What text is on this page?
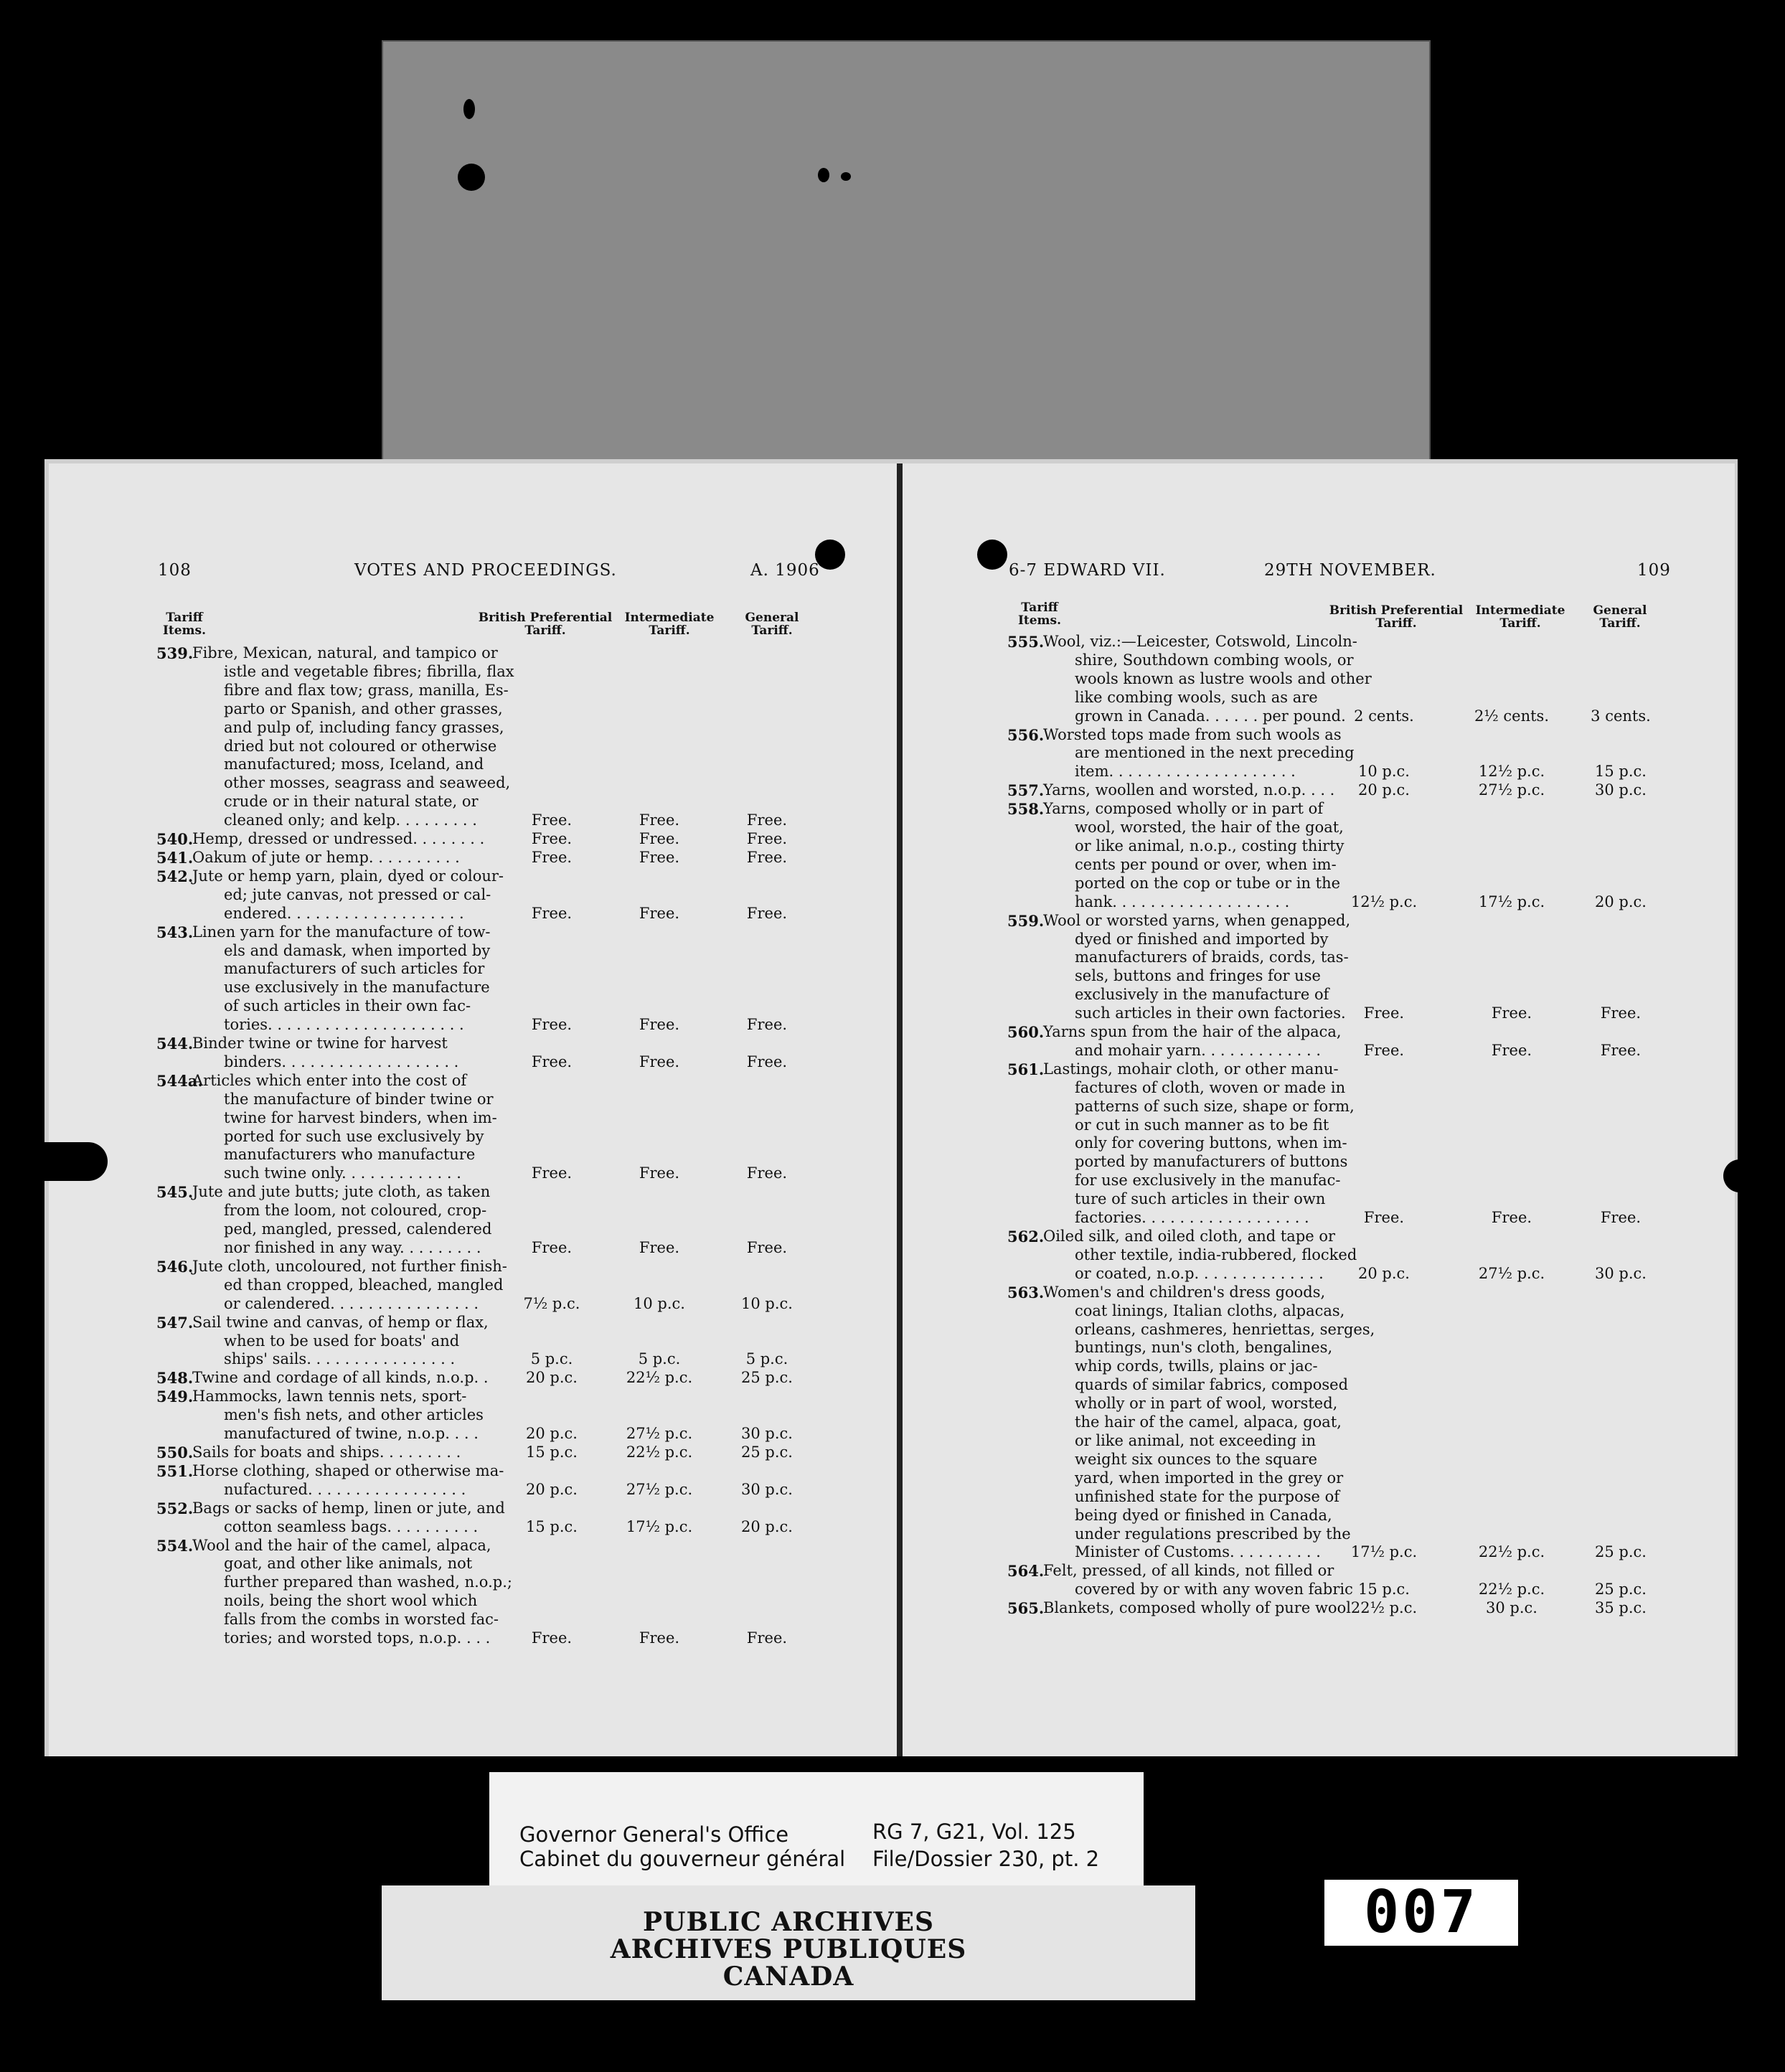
108	VOTES AND PROCEEDINGS.	A. 1906
Tariff Items.
British Preferential Tariff.
Intermediate Tariff.
General Tariff.
539.
Fibre, Mexican, natural, and tampico or
istle and vegetable fibres; fibrilla, flax
fibre and flax tow; grass, manilla, Es-
parto or Spanish, and other grasses,
and pulp of, including fancy grasses,
dried but not coloured or otherwise
manufactured; moss, Iceland, and
other mosses, seagrass and seaweed,
crude or in their natural state, or
cleaned only; and kelp. . . . . . . . .	Free.	Free.	Free.
540.
Hemp, dressed or undressed. . . . . . . .	Free.	Free.	Free.
541.
Oakum of jute or hemp. . . . . . . . . .	Free.	Free.	Free.
542.
Jute or hemp yarn, plain, dyed or colour-
ed; jute canvas, not pressed or cal-
endered. . . . . . . . . . . . . . . . . . .	Free.	Free.	Free.
543.
Linen yarn for the manufacture of tow-
els and damask, when imported by
manufacturers of such articles for
use exclusively in the manufacture
of such articles in their own fac-
tories. . . . . . . . . . . . . . . . . . . . .	Free.	Free.	Free.
544.
Binder twine or twine for harvest
binders. . . . . . . . . . . . . . . . . . .	Free.	Free.	Free.
544a.
Articles which enter into the cost of
the manufacture of binder twine or
twine for harvest binders, when im-
ported for such use exclusively by
manufacturers who manufacture
such twine only. . . . . . . . . . . . .	Free.	Free.	Free.
545.
Jute and jute butts; jute cloth, as taken
from the loom, not coloured, crop-
ped, mangled, pressed, calendered
nor finished in any way. . . . . . . . .	Free.	Free.	Free.
546.
Jute cloth, uncoloured, not further finish-
ed than cropped, bleached, mangled
or calendered. . . . . . . . . . . . . . . .	7½ p.c.	10 p.c.	10 p.c.
547.
Sail twine and canvas, of hemp or flax,
when to be used for boats' and
ships' sails. . . . . . . . . . . . . . . .	5 p.c.	5 p.c.	5 p.c.
548.
Twine and cordage of all kinds, n.o.p. .	20 p.c.	22½ p.c.	25 p.c.
549.
Hammocks, lawn tennis nets, sport-
men's fish nets, and other articles
manufactured of twine, n.o.p. . . .	20 p.c.	27½ p.c.	30 p.c.
550.
Sails for boats and ships. . . . . . . . .	15 p.c.	22½ p.c.	25 p.c.
551.
Horse clothing, shaped or otherwise ma-
nufactured. . . . . . . . . . . . . . . . .	20 p.c.	27½ p.c.	30 p.c.
552.
Bags or sacks of hemp, linen or jute, and
cotton seamless bags. . . . . . . . . .	15 p.c.	17½ p.c.	20 p.c.
554.
Wool and the hair of the camel, alpaca,
goat, and other like animals, not
further prepared than washed, n.o.p.;
noils, being the short wool which
falls from the combs in worsted fac-
tories; and worsted tops, n.o.p. . . .	Free.	Free.	Free.
6-7 EDWARD VII.	29TH NOVEMBER.	109
Tariff Items.
British Preferential Tariff.
Intermediate Tariff.
General Tariff.
555.
Wool, viz.:—Leicester, Cotswold, Lincoln-
shire, Southdown combing wools, or
wools known as lustre wools and other
like combing wools, such as are
grown in Canada. . . . . . per pound. 2 cents.	2½ cents.	3 cents.
556.
Worsted tops made from such wools as
are mentioned in the next preceding
item. . . . . . . . . . . . . . . . . . . .	10 p.c.	12½ p.c.	15 p.c.
557.
Yarns, woollen and worsted, n.o.p. . . .	20 p.c.	27½ p.c.	30 p.c.
558.
Yarns, composed wholly or in part of
wool, worsted, the hair of the goat,
or like animal, n.o.p., costing thirty
cents per pound or over, when im-
ported on the cop or tube or in the
hank. . . . . . . . . . . . . . . . . . .	12½ p.c.	17½ p.c.	20 p.c.
559.
Wool or worsted yarns, when genapped,
dyed or finished and imported by
manufacturers of braids, cords, tas-
sels, buttons and fringes for use
exclusively in the manufacture of
such articles in their own factories.	Free.	Free.	Free.
560.
Yarns spun from the hair of the alpaca,
and mohair yarn. . . . . . . . . . . . .	Free.	Free.	Free.
561.
Lastings, mohair cloth, or other manu-
factures of cloth, woven or made in
patterns of such size, shape or form,
or cut in such manner as to be fit
only for covering buttons, when im-
ported by manufacturers of buttons
for use exclusively in the manufac-
ture of such articles in their own
factories. . . . . . . . . . . . . . . . . .	Free.	Free.	Free.
562.
Oiled silk, and oiled cloth, and tape or
other textile, india-rubbered, flocked
or coated, n.o.p. . . . . . . . . . . . . .	20 p.c.	27½ p.c.	30 p.c.
563.
Women's and children's dress goods,
coat linings, Italian cloths, alpacas,
orleans, cashmeres, henriettas, serges,
buntings, nun's cloth, bengalines,
whip cords, twills, plains or jac-
quards of similar fabrics, composed
wholly or in part of wool, worsted,
the hair of the camel, alpaca, goat,
or like animal, not exceeding in
weight six ounces to the square
yard, when imported in the grey or
unfinished state for the purpose of
being dyed or finished in Canada,
under regulations prescribed by the
Minister of Customs. . . . . . . . . .	17½ p.c.	22½ p.c.	25 p.c.
564.
Felt, pressed, of all kinds, not filled or
covered by or with any woven fabric 15 p.c.	22½ p.c.	25 p.c.
565.
Blankets, composed wholly of pure wool 22½ p.c.	30 p.c.	35 p.c.
Governor General's Office
Cabinet du gouverneur général
RG 7, G21, Vol. 125
File/Dossier 230, pt. 2
PUBLIC ARCHIVES
ARCHIVES PUBLIQUES
CANADA
007
